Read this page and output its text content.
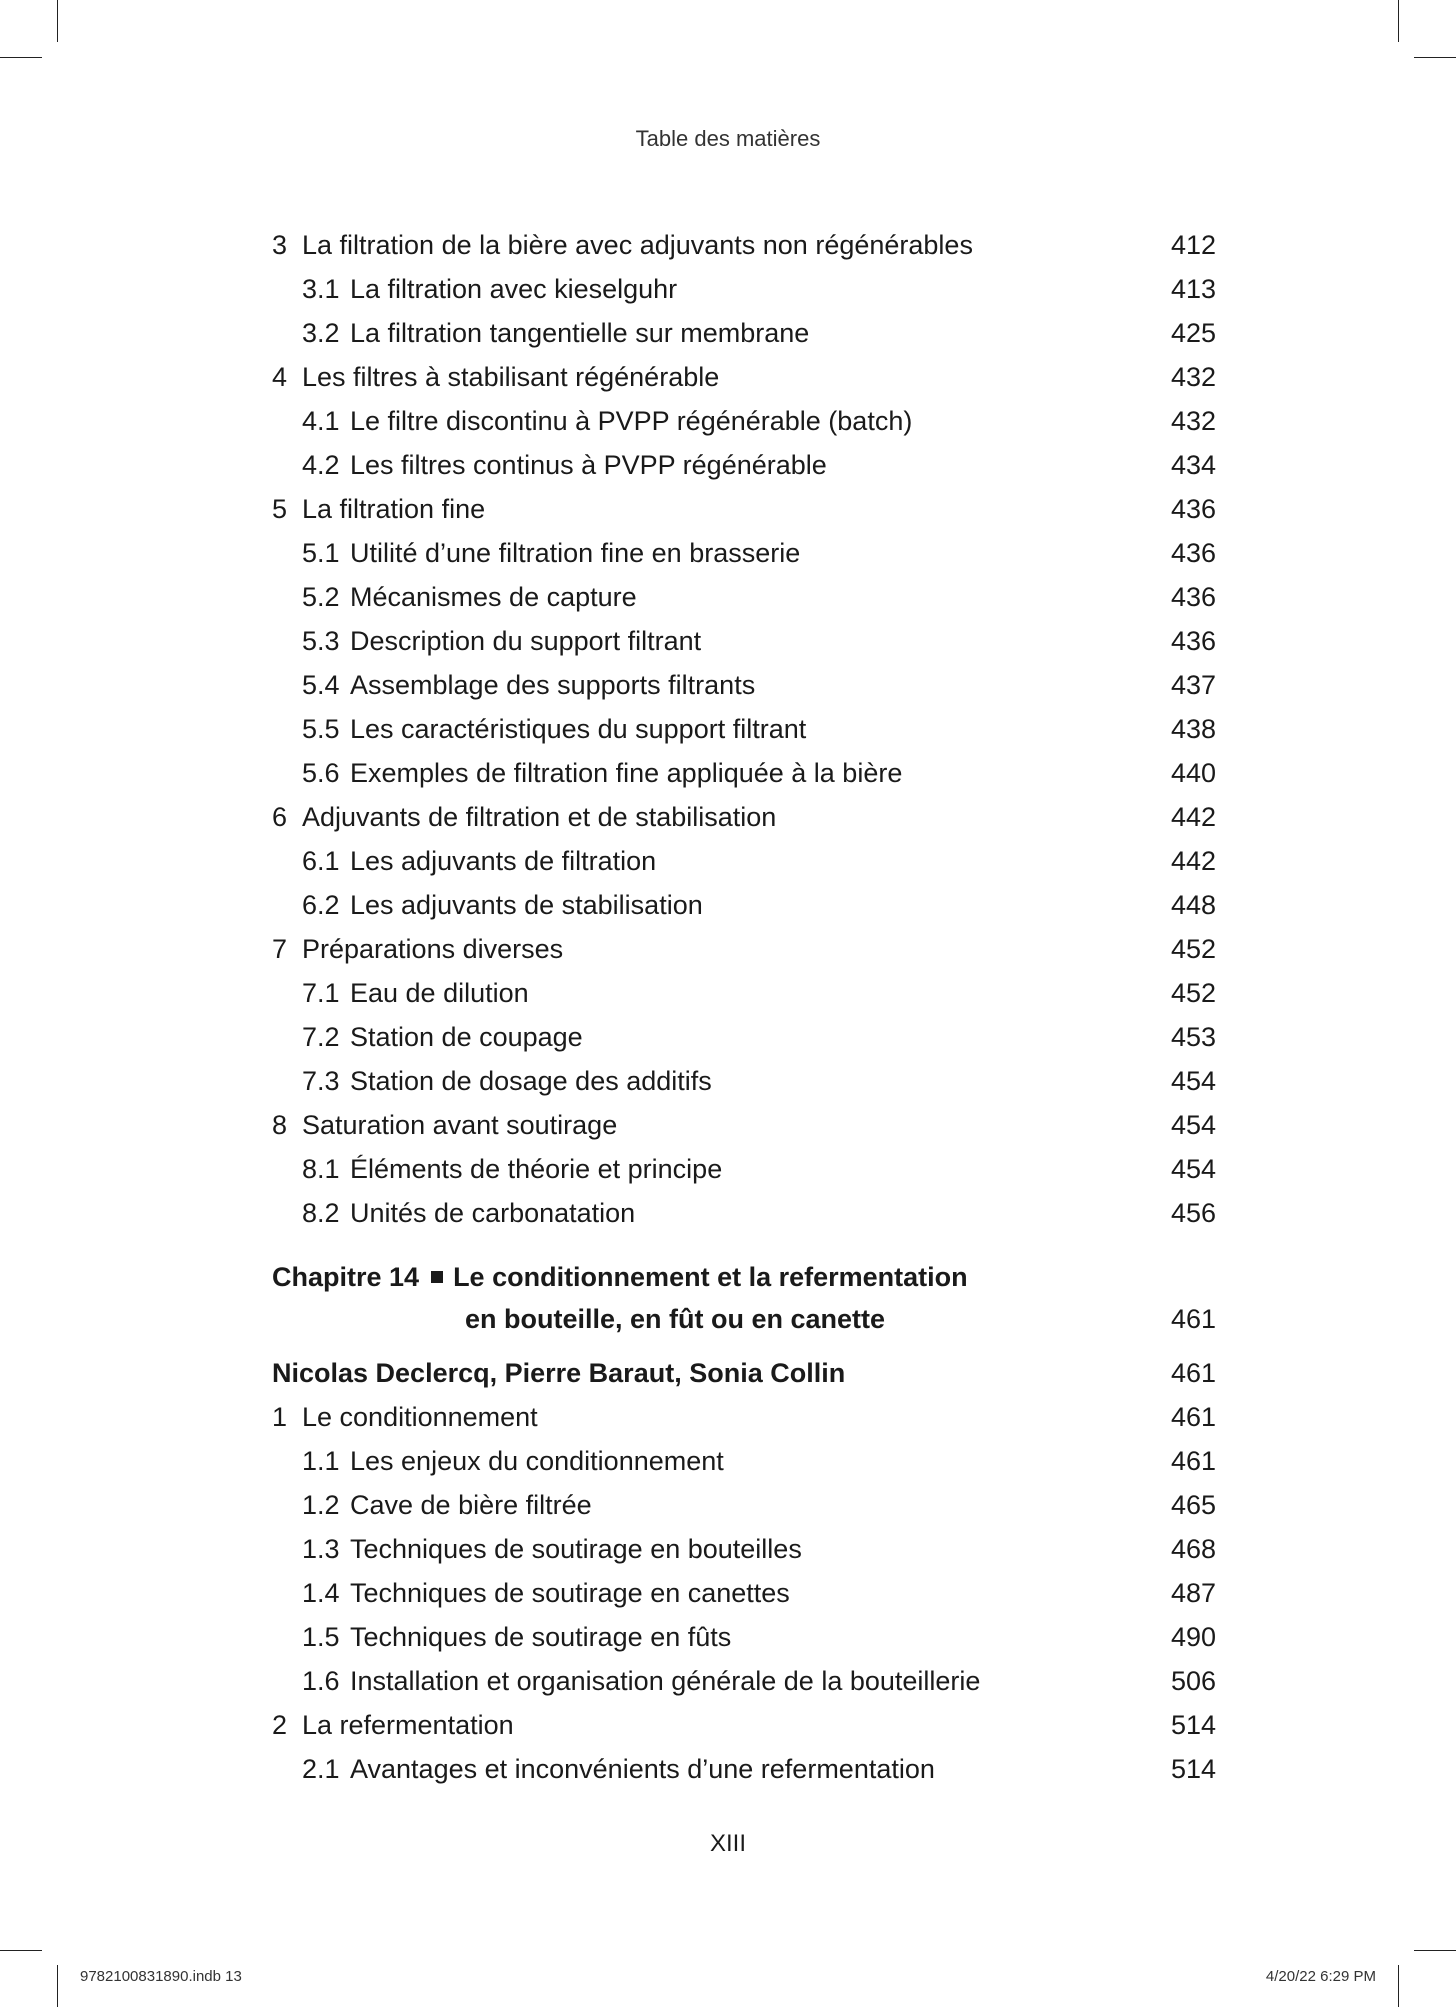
Table des matières
3 La filtration de la bière avec adjuvants non régénérables	412
3.1 La filtration avec kieselguhr	413
3.2 La filtration tangentielle sur membrane	425
4 Les filtres à stabilisant régénérable	432
4.1 Le filtre discontinu à PVPP régénérable (batch)	432
4.2 Les filtres continus à PVPP régénérable	434
5 La filtration fine	436
5.1 Utilité d’une filtration fine en brasserie	436
5.2 Mécanismes de capture	436
5.3 Description du support filtrant	436
5.4 Assemblage des supports filtrants	437
5.5 Les caractéristiques du support filtrant	438
5.6 Exemples de filtration fine appliquée à la bière	440
6 Adjuvants de filtration et de stabilisation	442
6.1 Les adjuvants de filtration	442
6.2 Les adjuvants de stabilisation	448
7 Préparations diverses	452
7.1 Eau de dilution	452
7.2 Station de coupage	453
7.3 Station de dosage des additifs	454
8 Saturation avant soutirage	454
8.1 Éléments de théorie et principe	454
8.2 Unités de carbonatation	456
Chapitre 14 Le conditionnement et la refermentation
en bouteille, en fût ou en canette	461
Nicolas Declercq, Pierre Baraut, Sonia Collin	461
1 Le conditionnement	461
1.1 Les enjeux du conditionnement	461
1.2 Cave de bière filtrée	465
1.3 Techniques de soutirage en bouteilles	468
1.4 Techniques de soutirage en canettes	487
1.5 Techniques de soutirage en fûts	490
1.6 Installation et organisation générale de la bouteillerie	506
2 La refermentation	514
2.1 Avantages et inconvénients d’une refermentation	514
XIII
9782100831890.indb 13	4/20/22 6:29 PM
